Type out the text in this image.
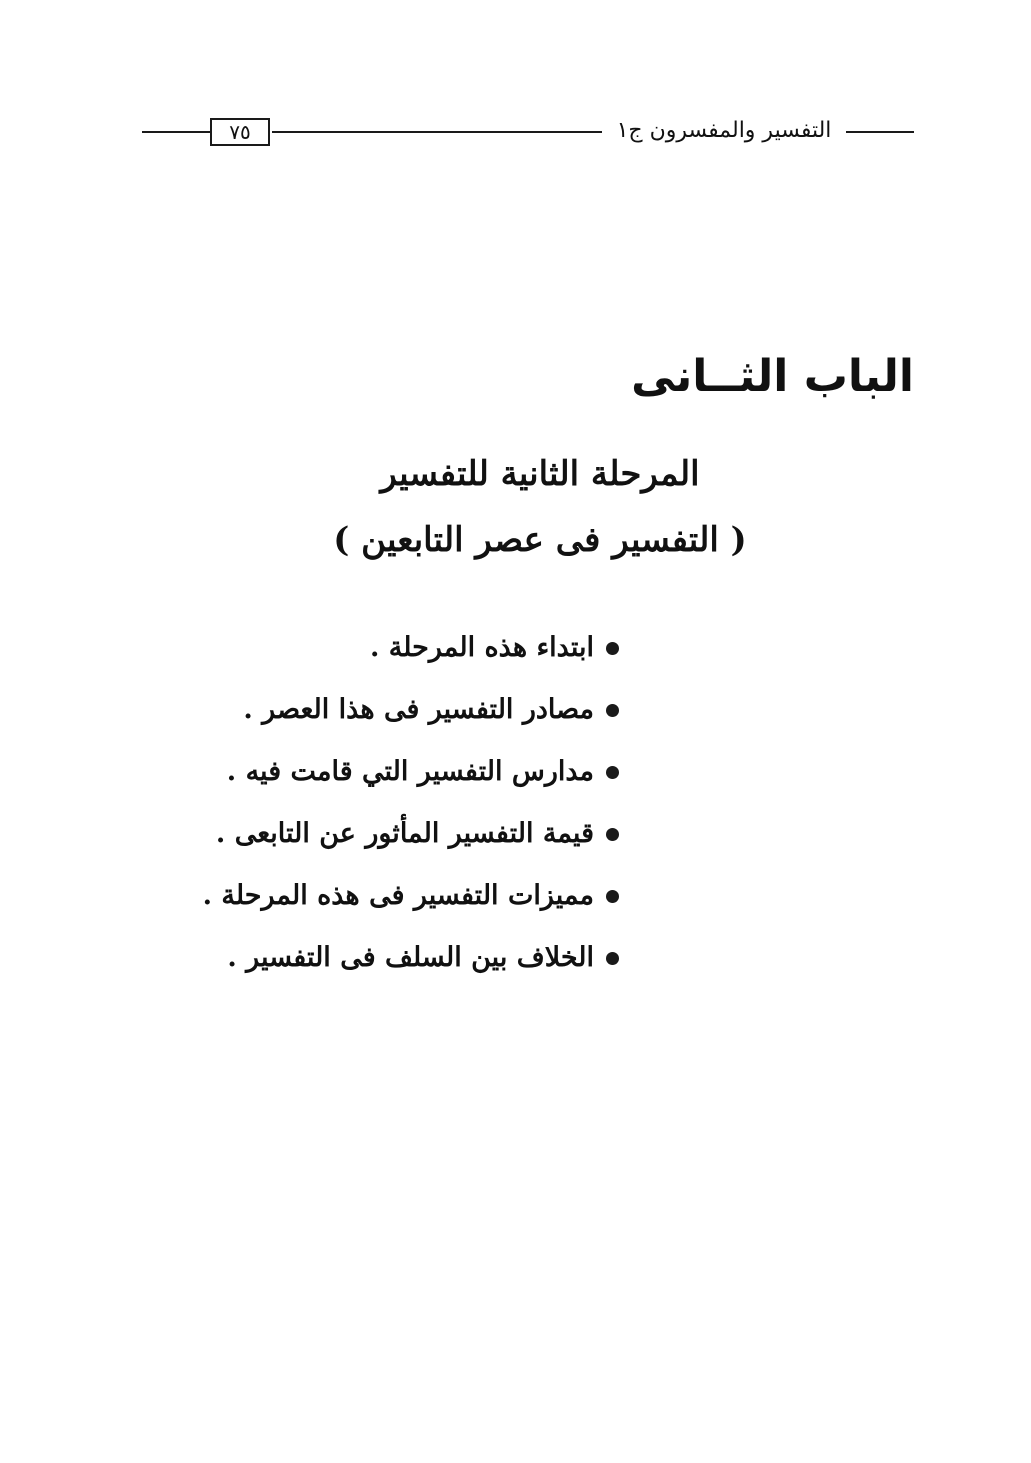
٧٥	التفسير والمفسرون ج١
الباب الثــانى
المرحلة الثانية للتفسير
( التفسير فى عصر التابعين )
ابتداء هذه المرحلة .
مصادر التفسير فى هذا العصر .
مدارس التفسير التي قامت فيه .
قيمة التفسير المأثور عن التابعى .
مميزات التفسير فى هذه المرحلة .
الخلاف بين السلف فى التفسير .
